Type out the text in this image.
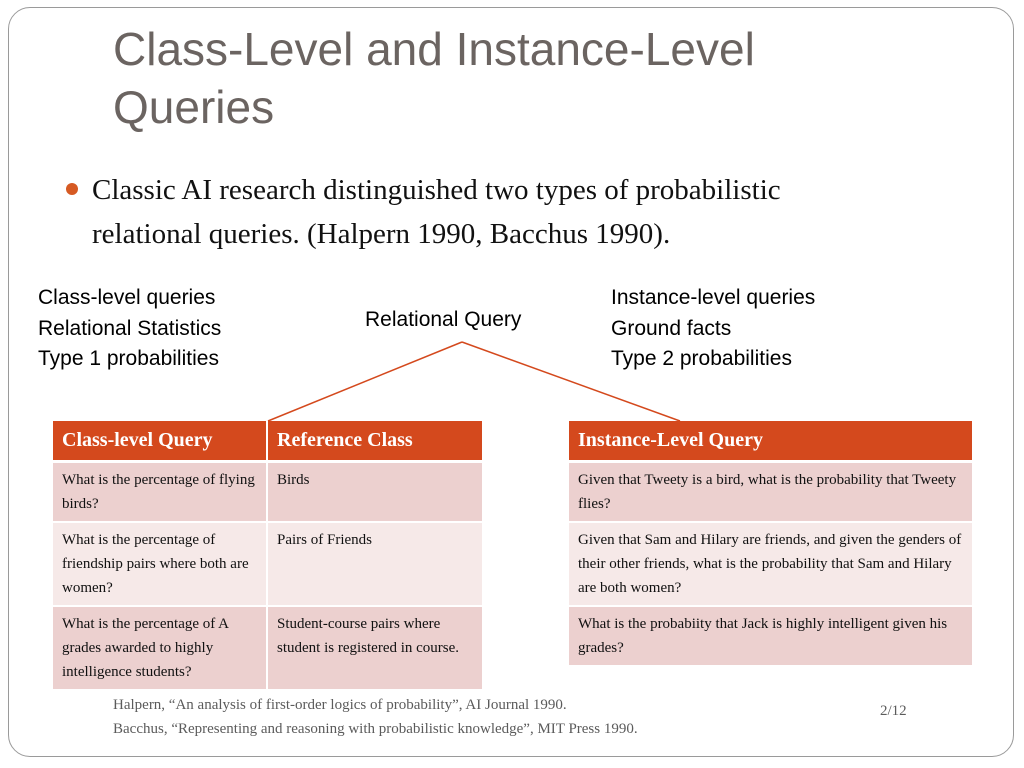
Class-Level and Instance-Level
Queries
Classic AI research distinguished two types of probabilistic
relational queries. (Halpern 1990, Bacchus 1990).
Class-level queries
Relational Statistics
Type 1 probabilities
Relational Query
Instance-level queries
Ground facts
Type 2 probabilities
Class-level Query	Reference Class
What is the percentage of flying birds?	Birds
What is the percentage of friendship pairs where both are women?	Pairs of Friends
What is the percentage of A grades awarded to highly intelligence students?	Student-course pairs where student is registered in course.
Instance-Level Query
Given that Tweety is a bird, what is the probability that Tweety flies?
Given that Sam and Hilary are friends, and given the genders of their other friends, what is the probability that Sam and Hilary are both women?
What is the probabiity that Jack is highly intelligent given his grades?
Halpern, “An analysis of first-order logics of probability”, AI Journal 1990.
Bacchus, “Representing and reasoning with probabilistic knowledge”, MIT Press 1990.
2/12
